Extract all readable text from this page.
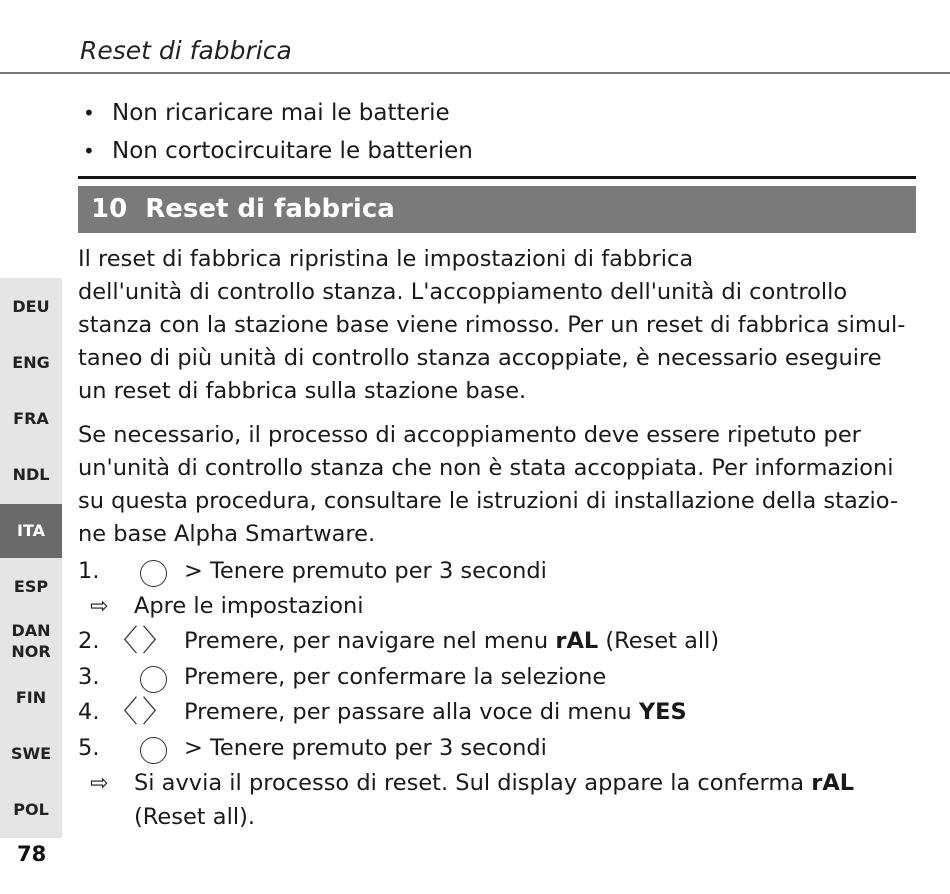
Reset di fabbrica
• Non ricaricare mai le batterie
• Non cortocircuitare le batterien
10 Reset di fabbrica
Il reset di fabbrica ripristina le impostazioni di fabbrica
dell'unità di controllo stanza. L'accoppiamento dell'unità di controllo
stanza con la stazione base viene rimosso. Per un reset di fabbrica simul-
taneo di più unità di controllo stanza accoppiate, è necessario eseguire
un reset di fabbrica sulla stazione base.
Se necessario, il processo di accoppiamento deve essere ripetuto per
un'unità di controllo stanza che non è stata accoppiata. Per informazioni
su questa procedura, consultare le istruzioni di installazione della stazio-
ne base Alpha Smartware.
1.	> Tenere premuto per 3 secondi
⇨ Apre le impostazioni
2. 〈 〉 Premere, per navigare nel menu rAL (Reset all)
3.	Premere, per confermare la selezione
4. 〈 〉 Premere, per passare alla voce di menu YES
5.	> Tenere premuto per 3 secondi
⇨ Si avvia il processo di reset. Sul display appare la conferma rAL
(Reset all).
DEU
ENG
FRA
NDL
ITA
ESP
DAN NOR
FIN
SWE
POL
78
